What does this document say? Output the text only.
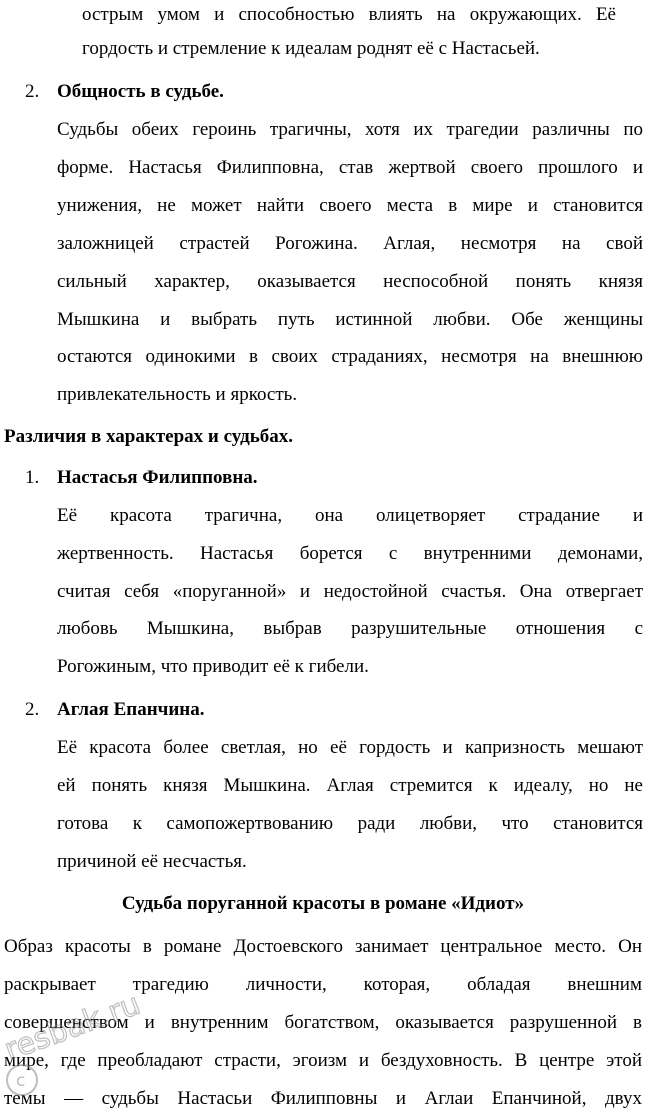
острым умом и способностью влиять на окружающих. Её
гордость и стремление к идеалам роднят её с Настасьей.
2. Общность в судьбе.
Судьбы обеих героинь трагичны, хотя их трагедии различны по
форме. Настасья Филипповна, став жертвой своего прошлого и
унижения, не может найти своего места в мире и становится
заложницей страстей Рогожина. Аглая, несмотря на свой
сильный характер, оказывается неспособной понять князя
Мышкина и выбрать путь истинной любви. Обе женщины
остаются одинокими в своих страданиях, несмотря на внешнюю
привлекательность и яркость.
Различия в характерах и судьбах.
1. Настасья Филипповна.
Её красота трагична, она олицетворяет страдание и
жертвенность. Настасья борется с внутренними демонами,
считая себя «поруганной» и недостойной счастья. Она отвергает
любовь Мышкина, выбрав разрушительные отношения с
Рогожиным, что приводит её к гибели.
2. Аглая Епанчина.
Её красота более светлая, но её гордость и капризность мешают
ей понять князя Мышкина. Аглая стремится к идеалу, но не
готова к самопожертвованию ради любви, что становится
причиной её несчастья.
Судьба поруганной красоты в романе «Идиот»
Образ красоты в романе Достоевского занимает центральное место. Он
раскрывает трагедию личности, которая, обладая внешним
совершенством и внутренним богатством, оказывается разрушенной в
мире, где преобладают страсти, эгоизм и бездуховность. В центре этой
темы — судьбы Настасьи Филипповны и Аглаи Епанчиной, двух
c
resbak.ru
